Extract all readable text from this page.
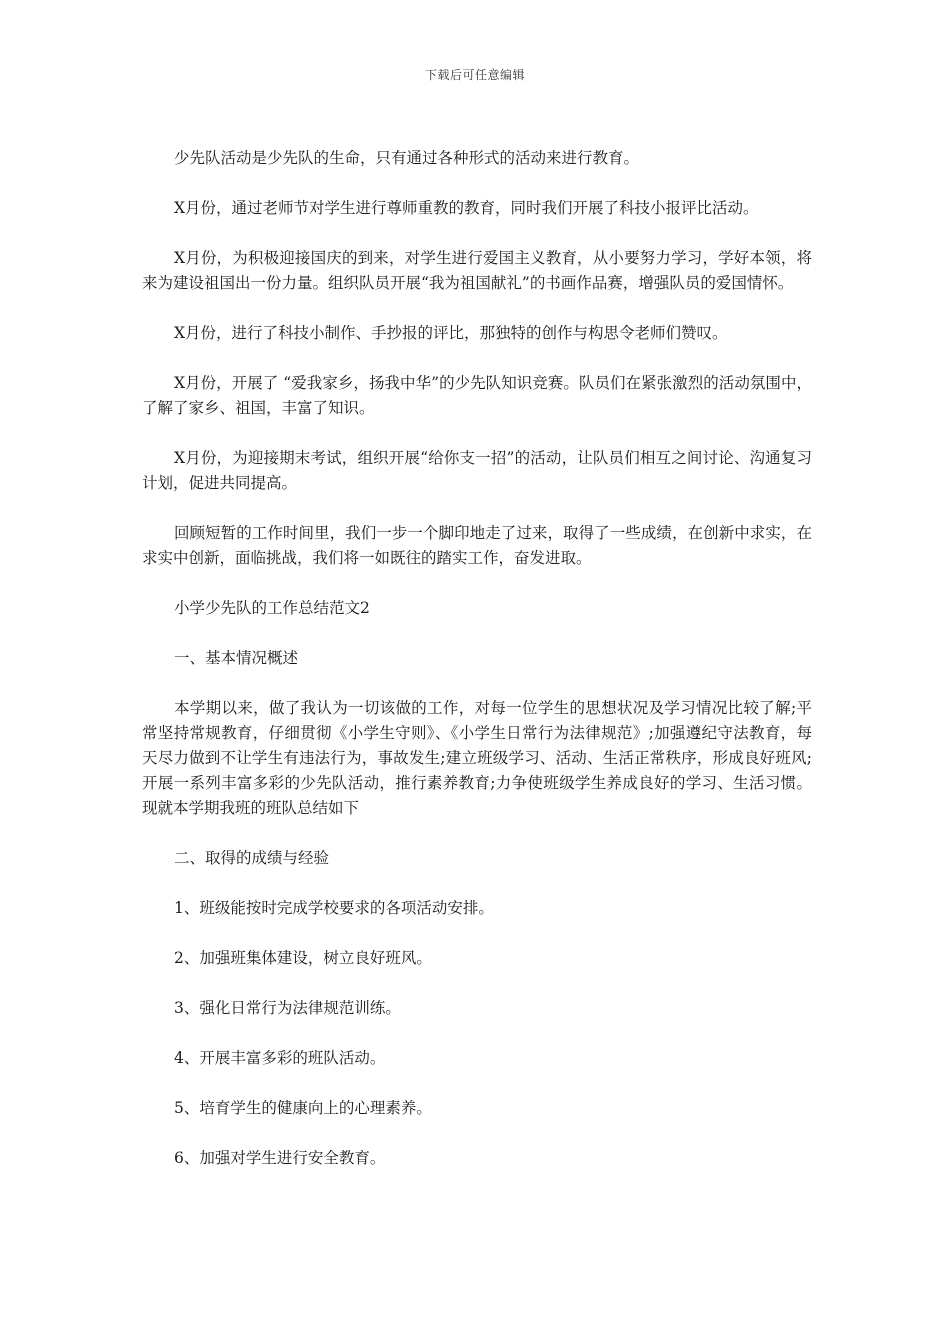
下载后可任意编辑

少先队活动是少先队的生命，只有通过各种形式的活动来进行教育。

X月份，通过老师节对学生进行尊师重教的教育，同时我们开展了科技小报评比活动。

X月份，为积极迎接国庆的到来，对学生进行爱国主义教育，从小要努力学习，学好本领，将来为建设祖国出一份力量。组织队员开展“我为祖国献礼”的书画作品赛，增强队员的爱国情怀。

X月份，进行了科技小制作、手抄报的评比，那独特的创作与构思令老师们赞叹。

X月份，开展了 “爱我家乡，扬我中华”的少先队知识竞赛。队员们在紧张激烈的活动氛围中，了解了家乡、祖国，丰富了知识。

X月份，为迎接期末考试，组织开展“给你支一招”的活动，让队员们相互之间讨论、沟通复习计划，促进共同提高。

回顾短暂的工作时间里，我们一步一个脚印地走了过来，取得了一些成绩，在创新中求实，在求实中创新，面临挑战，我们将一如既往的踏实工作，奋发进取。

小学少先队的工作总结范文2

一、基本情况概述

本学期以来，做了我认为一切该做的工作，对每一位学生的思想状况及学习情况比较了解;平常坚持常规教育，仔细贯彻《小学生守则》、《小学生日常行为法律规范》;加强遵纪守法教育，每天尽力做到不让学生有违法行为，事故发生;建立班级学习、活动、生活正常秩序，形成良好班风;开展一系列丰富多彩的少先队活动，推行素养教育;力争使班级学生养成良好的学习、生活习惯。现就本学期我班的班队总结如下

二、取得的成绩与经验

1、班级能按时完成学校要求的各项活动安排。

2、加强班集体建设，树立良好班风。

3、强化日常行为法律规范训练。

4、开展丰富多彩的班队活动。

5、培育学生的健康向上的心理素养。

6、加强对学生进行安全教育。
